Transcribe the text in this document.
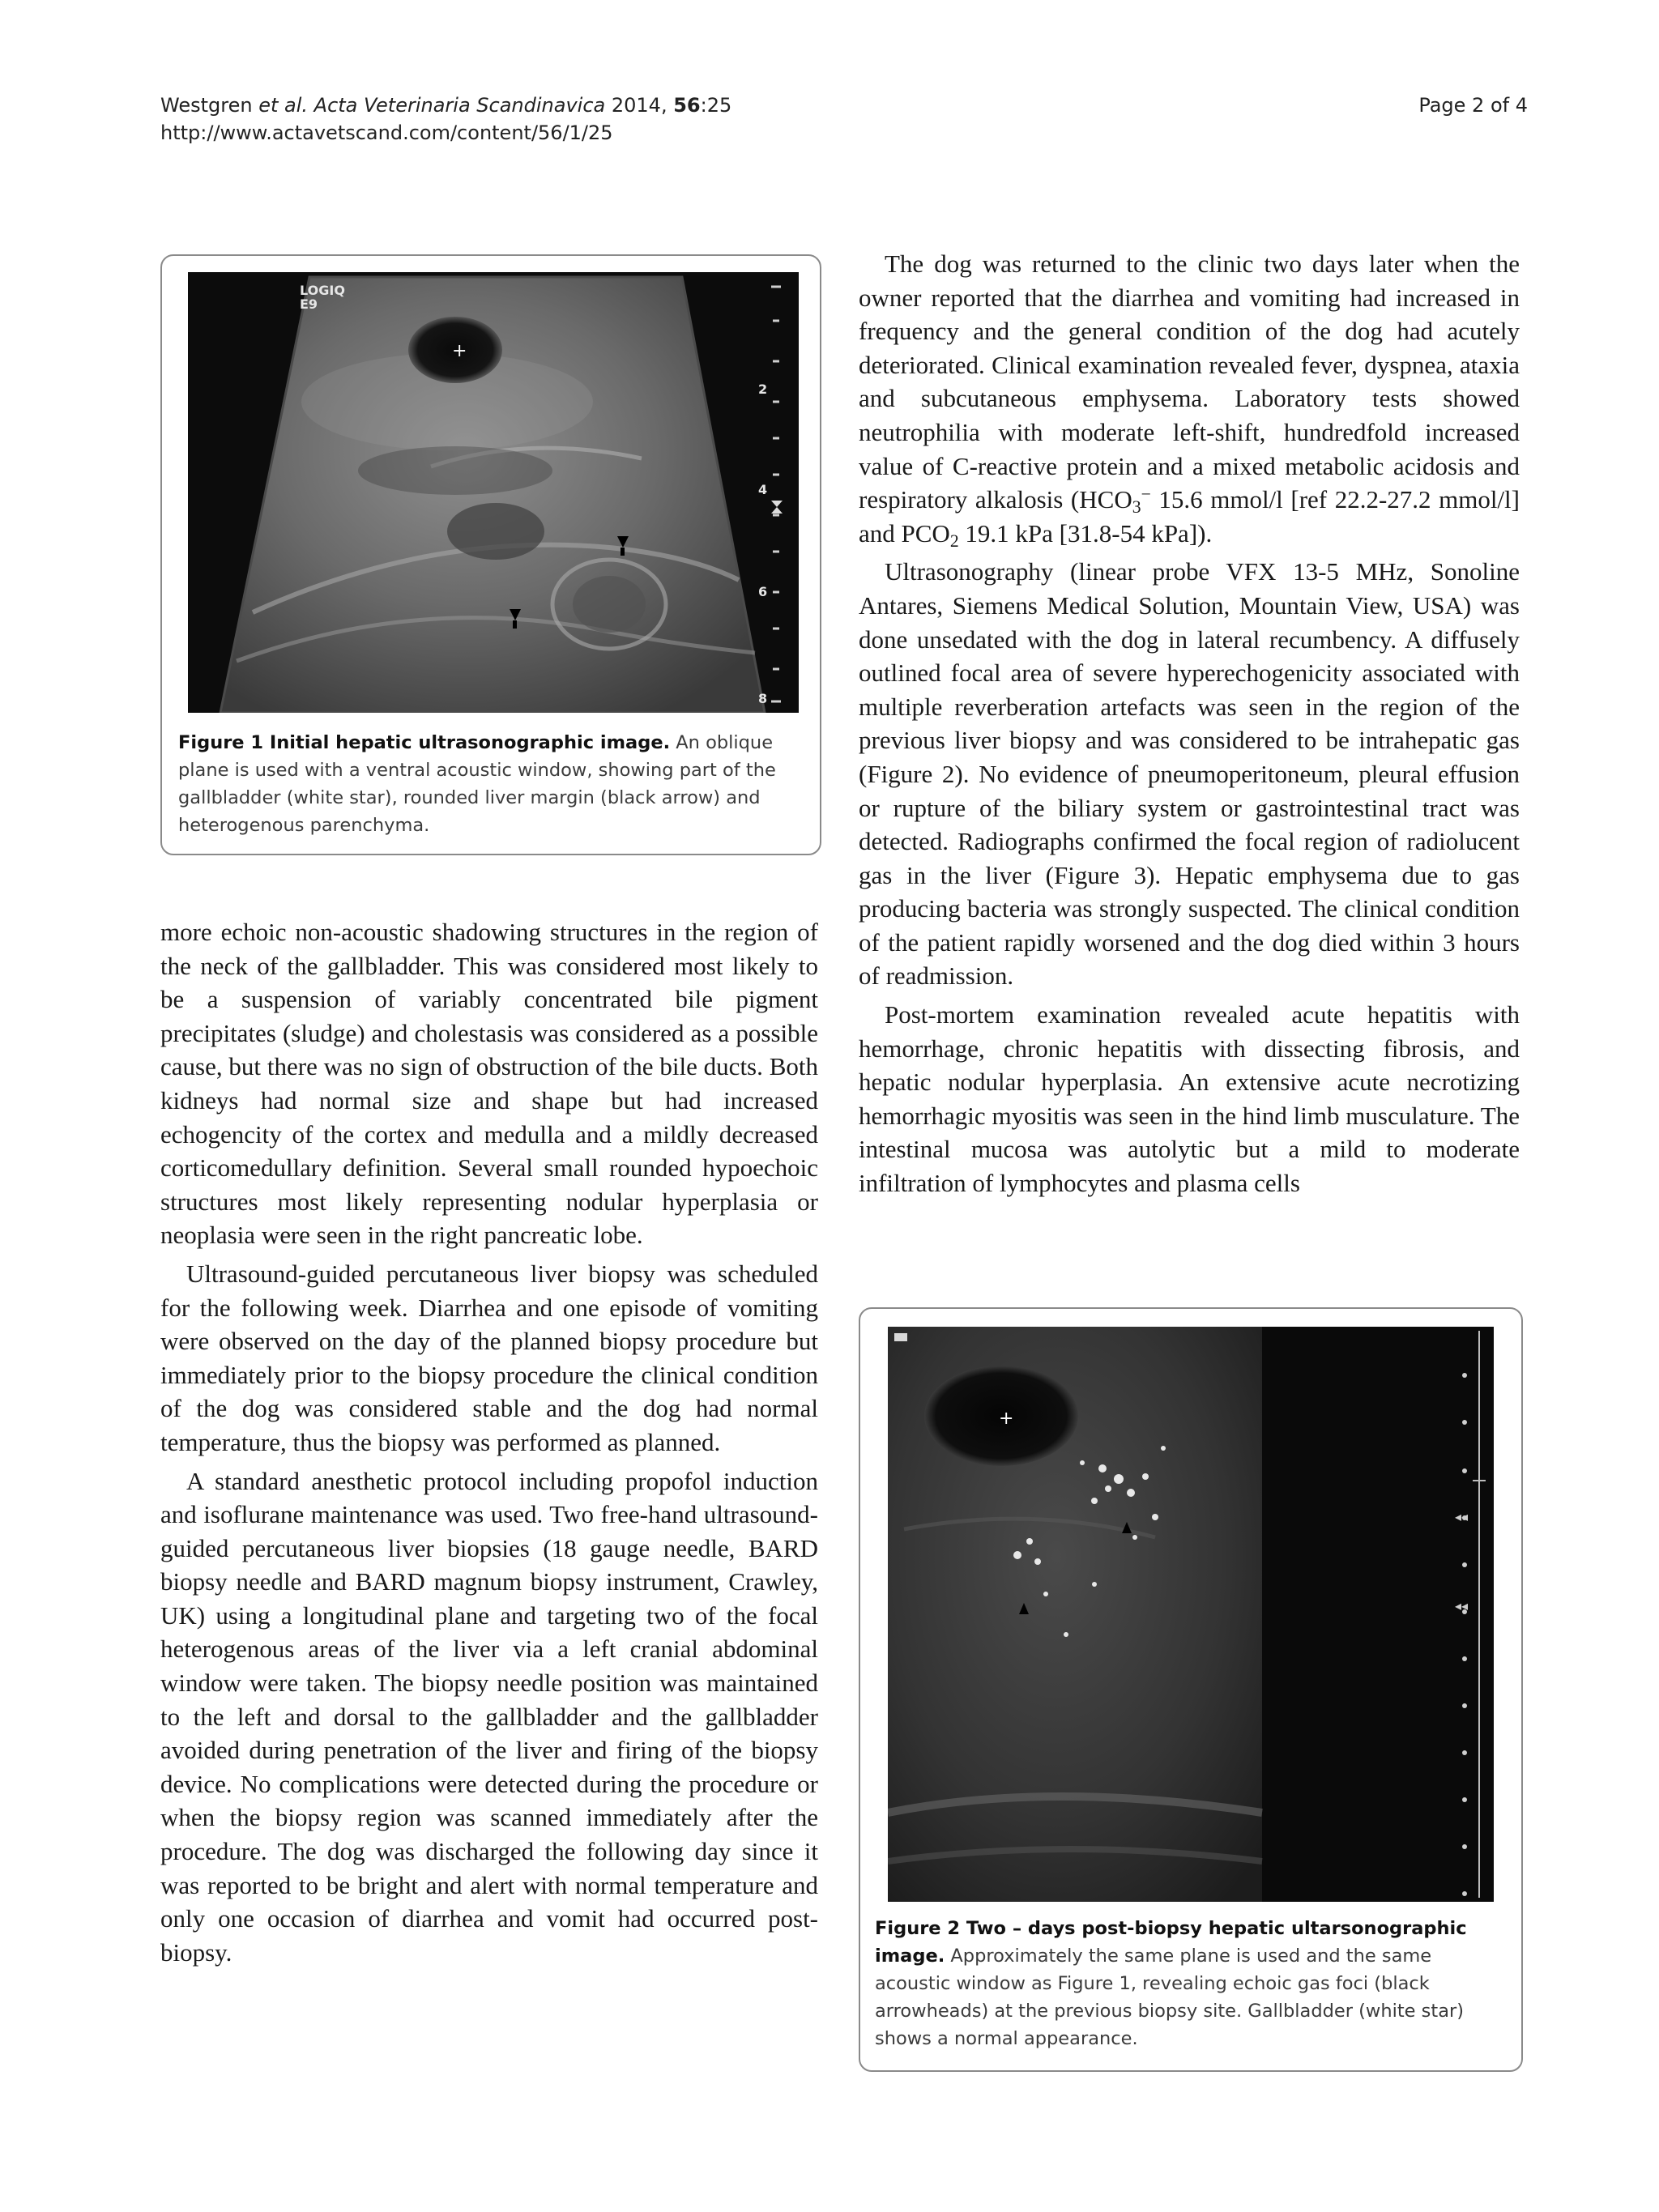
Westgren et al. Acta Veterinaria Scandinavica 2014, 56:25
http://www.actavetscand.com/content/56/1/25
Page 2 of 4
+
LOGIQ
E9
2
4
6
8
Figure 1 Initial hepatic ultrasonographic image. An oblique plane is used with a ventral acoustic window, showing part of the gallbladder (white star), rounded liver margin (black arrow) and heterogenous parenchyma.

more echoic non-acoustic shadowing structures in the region of the neck of the gallbladder. This was considered most likely to be a suspension of variably concentrated bile pigment precipitates (sludge) and cholestasis was considered as a possible cause, but there was no sign of obstruction of the bile ducts. Both kidneys had normal size and shape but had increased echogencity of the cortex and medulla and a mildly decreased corticomedullary definition. Several small rounded hypoechoic structures most likely representing nodular hyperplasia or neoplasia were seen in the right pancreatic lobe.

Ultrasound-guided percutaneous liver biopsy was scheduled for the following week. Diarrhea and one episode of vomiting were observed on the day of the planned biopsy procedure but immediately prior to the biopsy procedure the clinical condition of the dog was considered stable and the dog had normal temperature, thus the biopsy was performed as planned.

A standard anesthetic protocol including propofol induction and isoflurane maintenance was used. Two free-hand ultrasound-guided percutaneous liver biopsies (18 gauge needle, BARD biopsy needle and BARD magnum biopsy instrument, Crawley, UK) using a longitudinal plane and targeting two of the focal heterogenous areas of the liver via a left cranial abdominal window were taken. The biopsy needle position was maintained to the left and dorsal to the gallbladder and the gallbladder avoided during penetration of the liver and firing of the biopsy device. No complications were detected during the procedure or when the biopsy region was scanned immediately after the procedure. The dog was discharged the following day since it was reported to be bright and alert with normal temperature and only one occasion of diarrhea and vomit had occurred post-biopsy.

The dog was returned to the clinic two days later when the owner reported that the diarrhea and vomiting had increased in frequency and the general condition of the dog had acutely deteriorated. Clinical examination revealed fever, dyspnea, ataxia and subcutaneous emphysema. Laboratory tests showed neutrophilia with moderate left-shift, hundredfold increased value of C-reactive protein and a mixed metabolic acidosis and respiratory alkalosis ($HCO_3^-$ 15.6 mmol/l [ref 22.2-27.2 mmol/l] and $PCO_2$ 19.1 kPa [31.8-54 kPa]).

Ultrasonography (linear probe VFX 13-5 MHz, Sonoline Antares, Siemens Medical Solution, Mountain View, USA) was done unsedated with the dog in lateral recumbency. A diffusely outlined focal area of severe hyperechogenicity associated with multiple reverberation artefacts was seen in the region of the previous liver biopsy and was considered to be intrahepatic gas (Figure 2). No evidence of pneumoperitoneum, pleural effusion or rupture of the biliary system or gastrointestinal tract was detected. Radiographs confirmed the focal region of radiolucent gas in the liver (Figure 3). Hepatic emphysema due to gas producing bacteria was strongly suspected. The clinical condition of the patient rapidly worsened and the dog died within 3 hours of readmission.

Post-mortem examination revealed acute hepatitis with hemorrhage, chronic hepatitis with dissecting fibrosis, and hepatic nodular hyperplasia. An extensive acute necrotizing hemorrhagic myositis was seen in the hind limb musculature. The intestinal mucosa was autolytic but a mild to moderate infiltration of lymphocytes and plasma cells

+
◂◂
◂◂
Figure 2 Two – days post-biopsy hepatic ultarsonographic image. Approximately the same plane is used and the same acoustic window as Figure 1, revealing echoic gas foci (black arrowheads) at the previous biopsy site. Gallbladder (white star) shows a normal appearance.
